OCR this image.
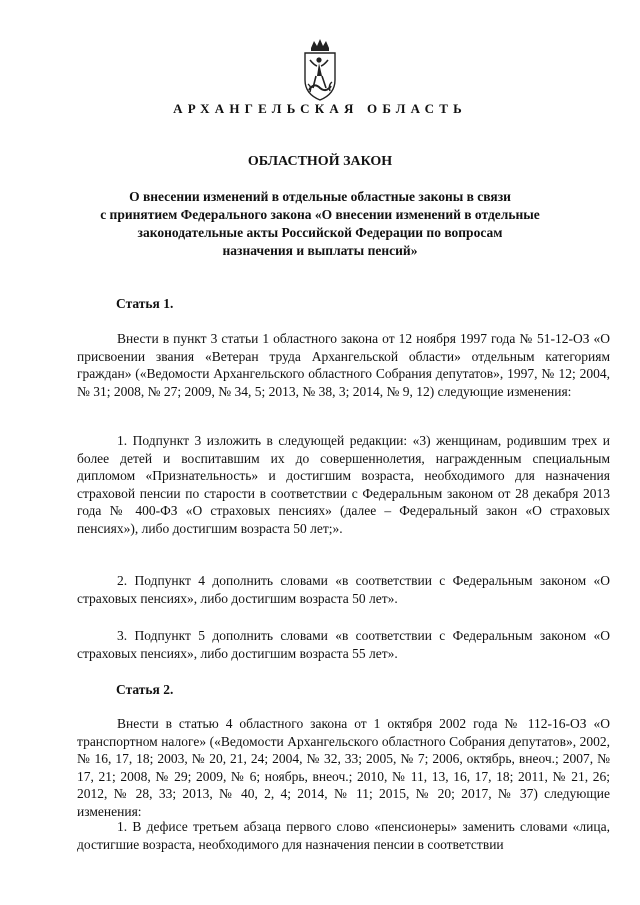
АРХАНГЕЛЬСКАЯ ОБЛАСТЬ
ОБЛАСТНОЙ ЗАКОН
О внесении изменений в отдельные областные законы в связи
с принятием Федерального закона «О внесении изменений в отдельные
законодательные акты Российской Федерации по вопросам
назначения и выплаты пенсий»
Статья 1.

Внести в пункт 3 статьи 1 областного закона от 12 ноября 1997 года № 51-12-ОЗ «О присвоении звания «Ветеран труда Архангельской области» отдельным категориям граждан» («Ведомости Архангельского областного Собрания депутатов», 1997, № 12; 2004, № 31; 2008, № 27; 2009, № 34, 5; 2013, № 38, 3; 2014, № 9, 12) следующие изменения:

1. Подпункт 3 изложить в следующей редакции: «3) женщинам, родившим трех и более детей и воспитавшим их до совершеннолетия, награжденным специальным дипломом «Признательность» и достигшим возраста, необходимого для назначения страховой пенсии по старости в соответствии с Федеральным законом от 28 декабря 2013 года № 400-ФЗ «О страховых пенсиях» (далее – Федеральный закон «О страховых пенсиях»), либо достигшим возраста 50 лет;».

2. Подпункт 4 дополнить словами «в соответствии с Федеральным законом «О страховых пенсиях», либо достигшим возраста 50 лет».

3. Подпункт 5 дополнить словами «в соответствии с Федеральным законом «О страховых пенсиях», либо достигшим возраста 55 лет».

Статья 2.

Внести в статью 4 областного закона от 1 октября 2002 года № 112-16-ОЗ «О транспортном налоге» («Ведомости Архангельского областного Собрания депутатов», 2002, № 16, 17, 18; 2003, № 20, 21, 24; 2004, № 32, 33; 2005, № 7; 2006, октябрь, внеоч.; 2007, № 17, 21; 2008, № 29; 2009, № 6; ноябрь, внеоч.; 2010, № 11, 13, 16, 17, 18; 2011, № 21, 26; 2012, № 28, 33; 2013, № 40, 2, 4; 2014, № 11; 2015, № 20; 2017, № 37) следующие изменения:

1. В дефисе третьем абзаца первого слово «пенсионеры» заменить словами «лица, достигшие возраста, необходимого для назначения пенсии в соответствии
